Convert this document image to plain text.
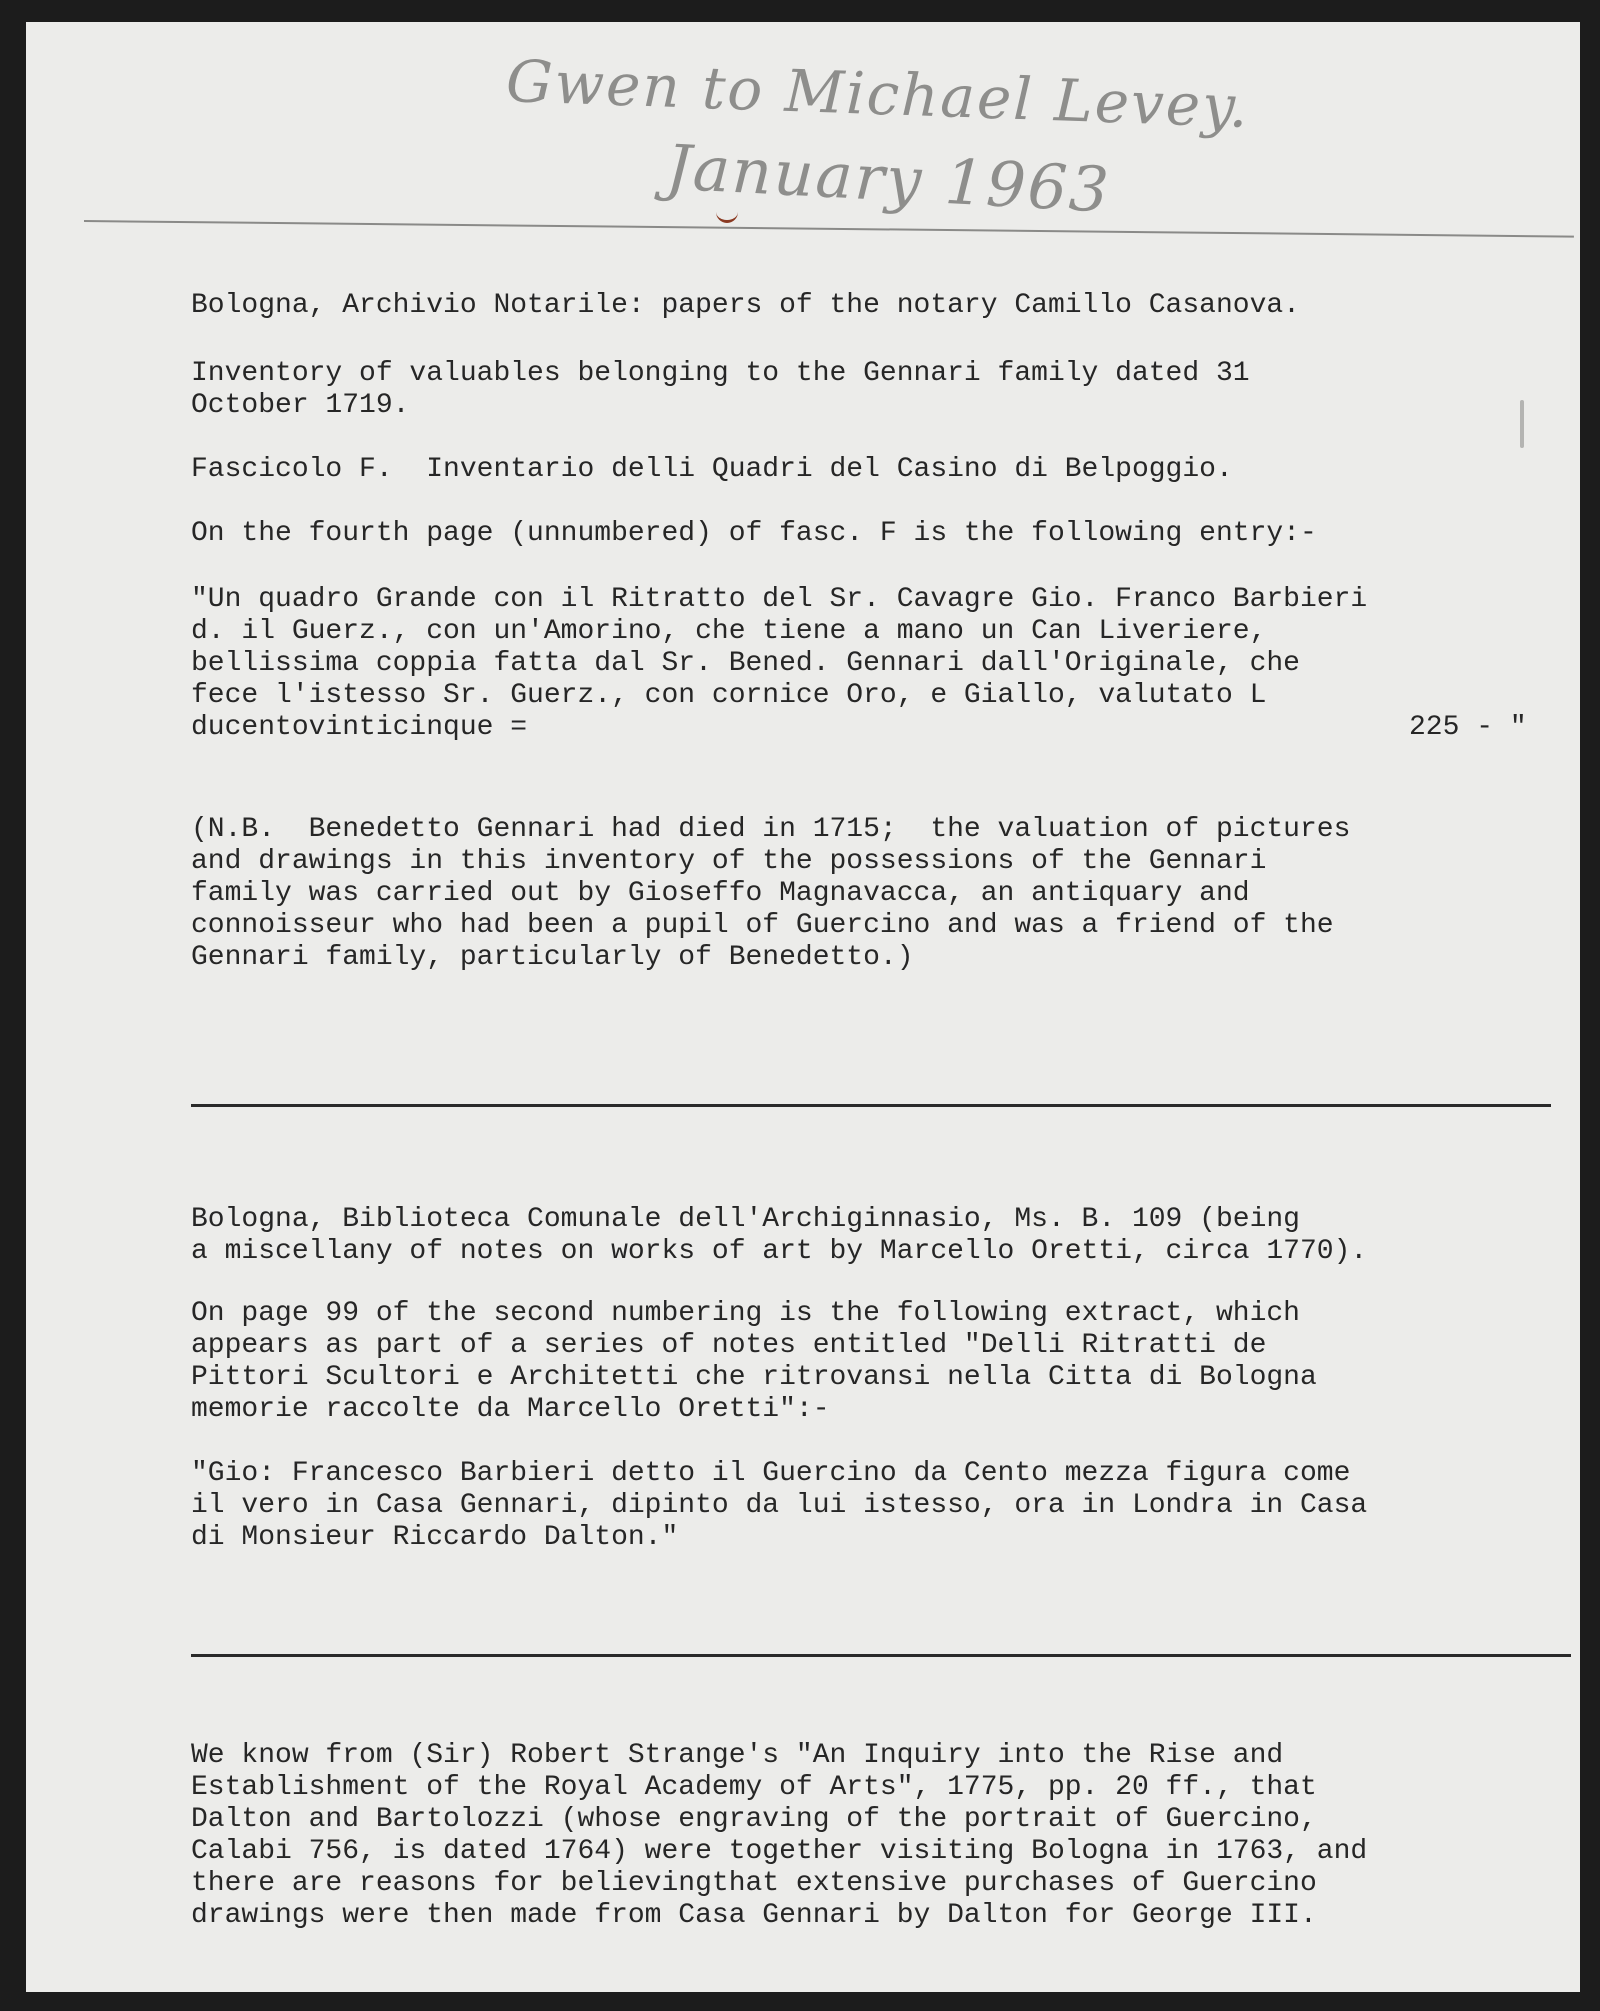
Gwen to Michael Levey.
January 1963
Bologna, Archivio Notarile: papers of the notary Camillo Casanova.
Inventory of valuables belonging to the Gennari family dated 31
October 1719.
Fascicolo F.  Inventario delli Quadri del Casino di Belpoggio.
On the fourth page (unnumbered) of fasc. F is the following entry:-
"Un quadro Grande con il Ritratto del Sr. Cavagre Gio. Franco Barbieri
d. il Guerz., con un'Amorino, che tiene a mano un Can Liveriere,
bellissima coppia fatta dal Sr. Bened. Gennari dall'Originale, che
fece l'istesso Sr. Guerz., con cornice Oro, e Giallo, valutato L
ducentovinticinque =	225 - "
(N.B.  Benedetto Gennari had died in 1715;  the valuation of pictures
and drawings in this inventory of the possessions of the Gennari
family was carried out by Gioseffo Magnavacca, an antiquary and
connoisseur who had been a pupil of Guercino and was a friend of the
Gennari family, particularly of Benedetto.)
Bologna, Biblioteca Comunale dell'Archiginnasio, Ms. B. 109 (being
a miscellany of notes on works of art by Marcello Oretti, circa 1770).
On page 99 of the second numbering is the following extract, which
appears as part of a series of notes entitled "Delli Ritratti de
Pittori Scultori e Architetti che ritrovansi nella Citta di Bologna
memorie raccolte da Marcello Oretti":-
"Gio: Francesco Barbieri detto il Guercino da Cento mezza figura come
il vero in Casa Gennari, dipinto da lui istesso, ora in Londra in Casa
di Monsieur Riccardo Dalton."
We know from (Sir) Robert Strange's "An Inquiry into the Rise and
Establishment of the Royal Academy of Arts", 1775, pp. 20 ff., that
Dalton and Bartolozzi (whose engraving of the portrait of Guercino,
Calabi 756, is dated 1764) were together visiting Bologna in 1763, and
there are reasons for believingthat extensive purchases of Guercino
drawings were then made from Casa Gennari by Dalton for George III.
